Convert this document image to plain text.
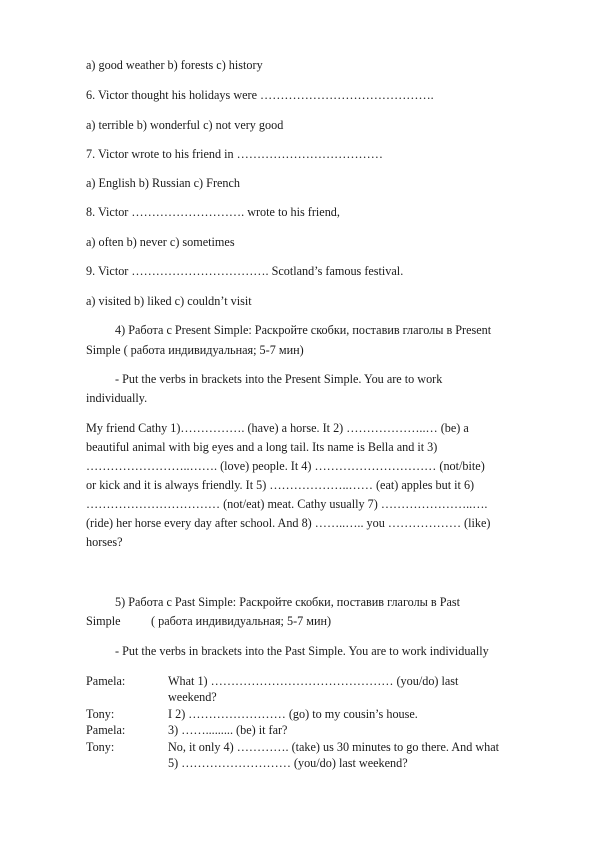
a) good weather b) forests c) history
6. Victor thought his holidays were …………………………………….
a) terrible b) wonderful c) not very good
7. Victor wrote to his friend in ………………………………
a) English b) Russian c) French
8. Victor ………………………. wrote to his friend,
a) often b) never c) sometimes
9. Victor ……………………………. Scotland’s famous festival.
a) visited b) liked c) couldn’t visit
4) Работа с Present Simple: Раскройте скобки, поставив глаголы в Present
Simple ( работа индивидуальная; 5-7 мин)
- Put the verbs in brackets into the Present Simple. You are to work
individually.
My friend Cathy 1)……………. (have) a horse. It 2) ………………..… (be) a
beautiful animal with big eyes and a long tail. Its name is Bella and it 3)
……………………..……. (love) people. It 4) ………………………… (not/bite)
or kick and it is always friendly. It 5) ………………..…… (eat) apples but it 6)
…………………………… (not/eat) meat. Cathy usually 7) …………………..….
(ride) her horse every day after school. And 8) ……..….. you ……………… (like)
horses?
5) Работа с Past Simple: Раскройте скобки, поставив глаголы в Past
Simple          ( работа индивидуальная; 5-7 мин)
- Put the verbs in brackets into the Past Simple. You are to work individually
Pamela:	What 1) ……………………………………… (you/do) last weekend?
Tony:	I 2) …………………… (go) to my cousin’s house.
Pamela:	3) ……......... (be) it far?
Tony:	No, it only 4) …………. (take) us 30 minutes to go there. And what 5) ……………………… (you/do) last weekend?
